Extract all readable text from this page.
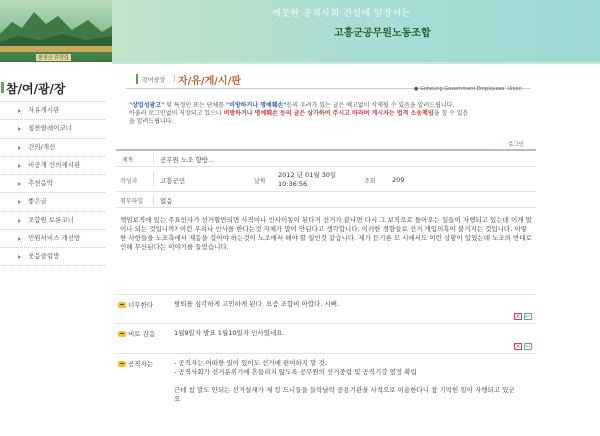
팔영산 휴양림
깨끗한 공직사회 건설에 앞장서는
고흥군공무원노동조합
참/여/광/장
자유게시판
칭찬릴레이코너
건의/개선
비공개 건의게시판
추천음악
좋은글
조합원 토론코너
민원서비스 개선방
웃음클럽방
참여광장 | 자/유/게/시/판
● Goheung Government Employees' Union
"상업성광고" 및 특정인 또는 단체를 "비방하거나 명예훼손"등의 우려가 있는 글은 예고없이 삭제될 수 있음을 알려드립니다.
아울러 로그인없이 저장되고 있으나 비방하거나 명예훼손 등의 글은 삼가하여 주시고 바라며 게시자는 법적 소송책임을 질 수 있음을 알려드립니다.
로그인
제목	공무원 노조 향방...
작성자	고흥군민	날짜
2012 년 01월 30일 10:36:56	조회	209
첨부파일	없음
책임보직에 있는 주요인사가 선거할만되면 사직이나 인사이동이 된다거 선거가 끝나면 다시 그 보직으로 돌아오는 일들이 자행되고 있는데 이게 말이나 되는 것입니까? 이런 우리나 인사를 한다는것 자체가 말이 안된다고 생각합니다. 이러한 경향들로 선거 개입의혹이 불거지는 것입니다. 이렇한 사항들을 노조측에서 제동을 걸어야 하는것이 노조에서 해야 할 일인것 같습니다. 제가 듣기론 모 시에서도 이런 상황이 있었는데 노조의 반대로 인해 무산된다는 이야기를 들었습니다.
너무한다	탈퇴를 심각하게 고민하게 된다. 요즘 조합비 아깝다. 시뻐.
× ↩
비토 감음	1월9일자 발표 1월10일자 인사였네요.
× ↩
공직자는	- 공직자는 어떠한 일이 있어도 선거에 편여하지 말 것.
- 공직사회가 선거분위기에 흔들리지 않도록 공무원의 선거중립 및 공직기강 엄정 확립

근데 참 말도 안되는 선거설새가 제 킹 드니들을 들락날락 공용기관을 사적으로 이용한다니 참 기막힌 일이 자행되고 있군요
